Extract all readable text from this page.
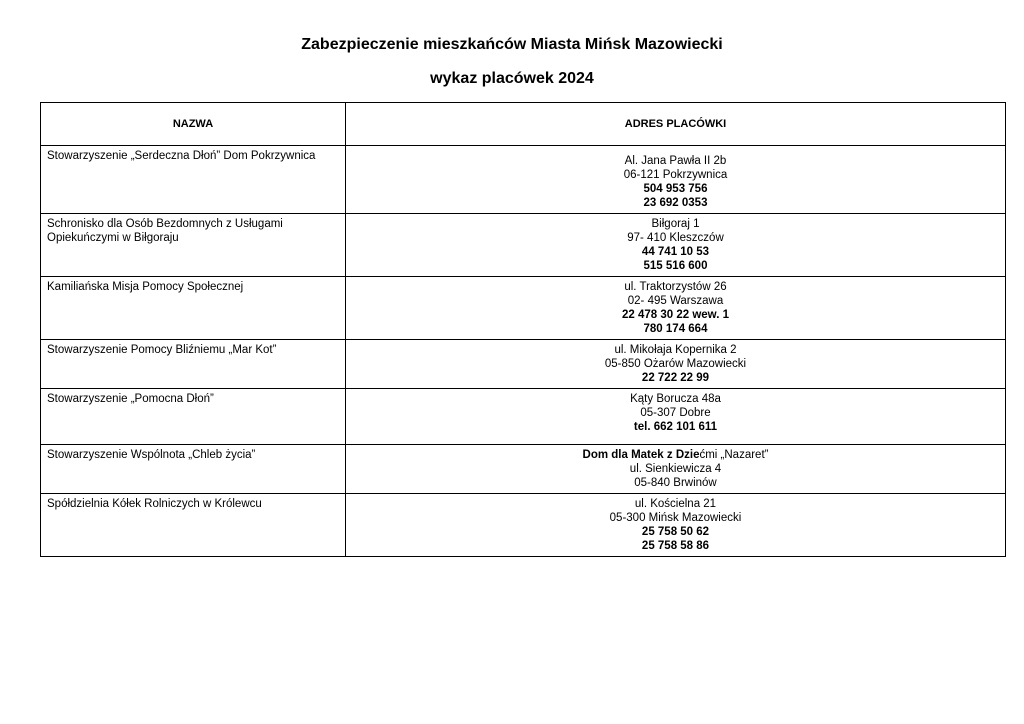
Zabezpieczenie mieszkańców Miasta Mińsk Mazowiecki
wykaz placówek 2024
NAZWA	ADRES PLACÓWKI

Stowarzyszenie „Serdeczna Dłoń” Dom Pokrzywnica	Al. Jana Pawła II 2b
06-121 Pokrzywnica
504 953 756
23 692 0353

Schronisko dla Osób Bezdomnych z Usługami
Opiekuńczymi w Biłgoraju	Biłgoraj 1
97- 410 Kleszczów
44 741 10 53
515 516 600

Kamiliańska Misja Pomocy Społecznej	ul. Traktorzystów 26
02- 495 Warszawa
22 478 30 22 wew. 1
780 174 664

Stowarzyszenie Pomocy Bliźniemu „Mar Kot”	ul. Mikołaja Kopernika 2
05-850 Ożarów Mazowiecki
22 722 22 99

Stowarzyszenie „Pomocna Dłoń”	Kąty Borucza 48a
05-307 Dobre
tel. 662 101 611

Stowarzyszenie Wspólnota „Chleb życia”	Dom dla Matek z Dziećmi „Nazaret”
ul. Sienkiewicza 4
05-840 Brwinów

Spółdzielnia Kółek Rolniczych w Królewcu	ul. Kościelna 21
05-300 Mińsk Mazowiecki
25 758 50 62
25 758 58 86
